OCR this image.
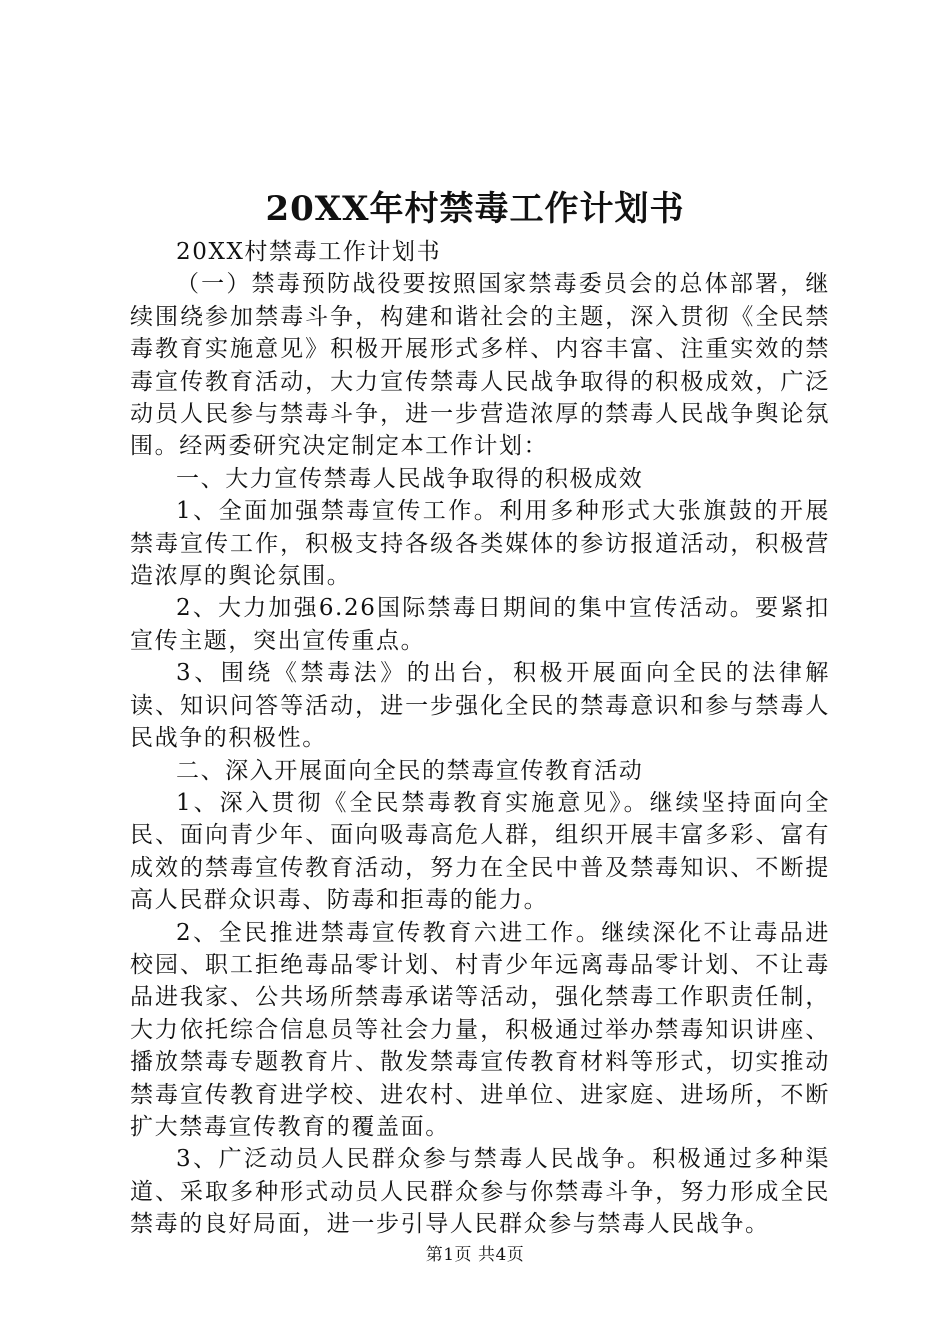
20XX年村禁毒工作计划书

20XX村禁毒工作计划书

（一）禁毒预防战役要按照国家禁毒委员会的总体部署，继续围绕参加禁毒斗争，构建和谐社会的主题，深入贯彻《全民禁毒教育实施意见》积极开展形式多样、内容丰富、注重实效的禁毒宣传教育活动，大力宣传禁毒人民战争取得的积极成效，广泛动员人民参与禁毒斗争，进一步营造浓厚的禁毒人民战争舆论氛围。经两委研究决定制定本工作计划：

一、大力宣传禁毒人民战争取得的积极成效

1、全面加强禁毒宣传工作。利用多种形式大张旗鼓的开展禁毒宣传工作，积极支持各级各类媒体的参访报道活动，积极营造浓厚的舆论氛围。

2、大力加强6.26国际禁毒日期间的集中宣传活动。要紧扣宣传主题，突出宣传重点。

3、围绕《禁毒法》的出台，积极开展面向全民的法律解读、知识问答等活动，进一步强化全民的禁毒意识和参与禁毒人民战争的积极性。

二、深入开展面向全民的禁毒宣传教育活动

1、深入贯彻《全民禁毒教育实施意见》。继续坚持面向全民、面向青少年、面向吸毒高危人群，组织开展丰富多彩、富有成效的禁毒宣传教育活动，努力在全民中普及禁毒知识、不断提高人民群众识毒、防毒和拒毒的能力。

2、全民推进禁毒宣传教育六进工作。继续深化不让毒品进校园、职工拒绝毒品零计划、村青少年远离毒品零计划、不让毒品进我家、公共场所禁毒承诺等活动，强化禁毒工作职责任制，大力依托综合信息员等社会力量，积极通过举办禁毒知识讲座、播放禁毒专题教育片、散发禁毒宣传教育材料等形式，切实推动禁毒宣传教育进学校、进农村、进单位、进家庭、进场所，不断扩大禁毒宣传教育的覆盖面。

3、广泛动员人民群众参与禁毒人民战争。积极通过多种渠道、采取多种形式动员人民群众参与你禁毒斗争，努力形成全民禁毒的良好局面，进一步引导人民群众参与禁毒人民战争。

第1页 共4页
